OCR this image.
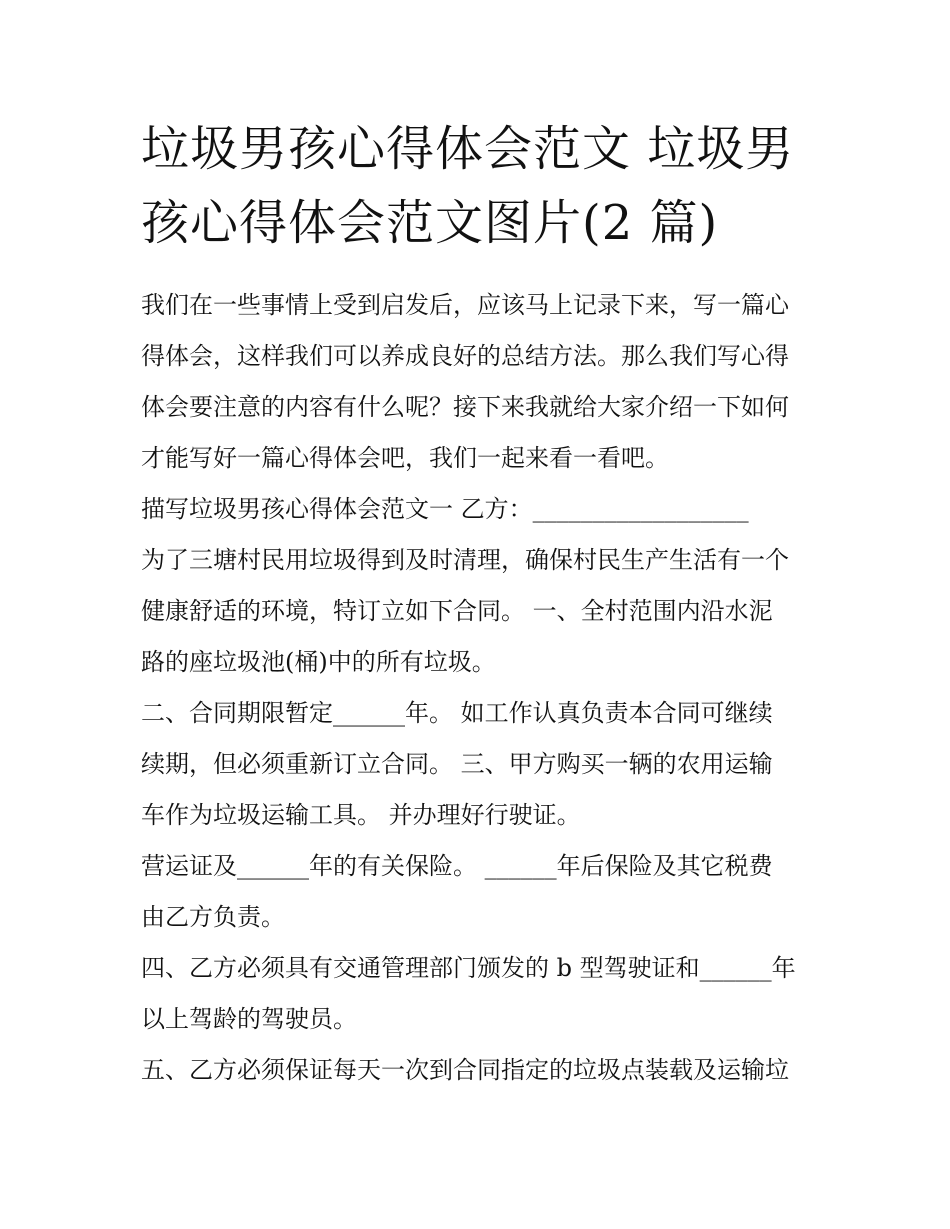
垃圾男孩心得体会范文 垃圾男
孩心得体会范文图片(2 篇)

我们在一些事情上受到启发后，应该马上记录下来，写一篇心
得体会，这样我们可以养成良好的总结方法。那么我们写心得
体会要注意的内容有什么呢？接下来我就给大家介绍一下如何
才能写好一篇心得体会吧，我们一起来看一看吧。

描写垃圾男孩心得体会范文一 乙方：__________________

为了三塘村民用垃圾得到及时清理，确保村民生产生活有一个
健康舒适的环境，特订立如下合同。 一、全村范围内沿水泥
路的座垃圾池(桶)中的所有垃圾。

二、合同期限暂定______年。 如工作认真负责本合同可继续
续期，但必须重新订立合同。 三、甲方购买一辆的农用运输
车作为垃圾运输工具。 并办理好行驶证。

营运证及______年的有关保险。 ______年后保险及其它税费
由乙方负责。

四、乙方必须具有交通管理部门颁发的 b 型驾驶证和______年
以上驾龄的驾驶员。

五、乙方必须保证每天一次到合同指定的垃圾点装载及运输垃
